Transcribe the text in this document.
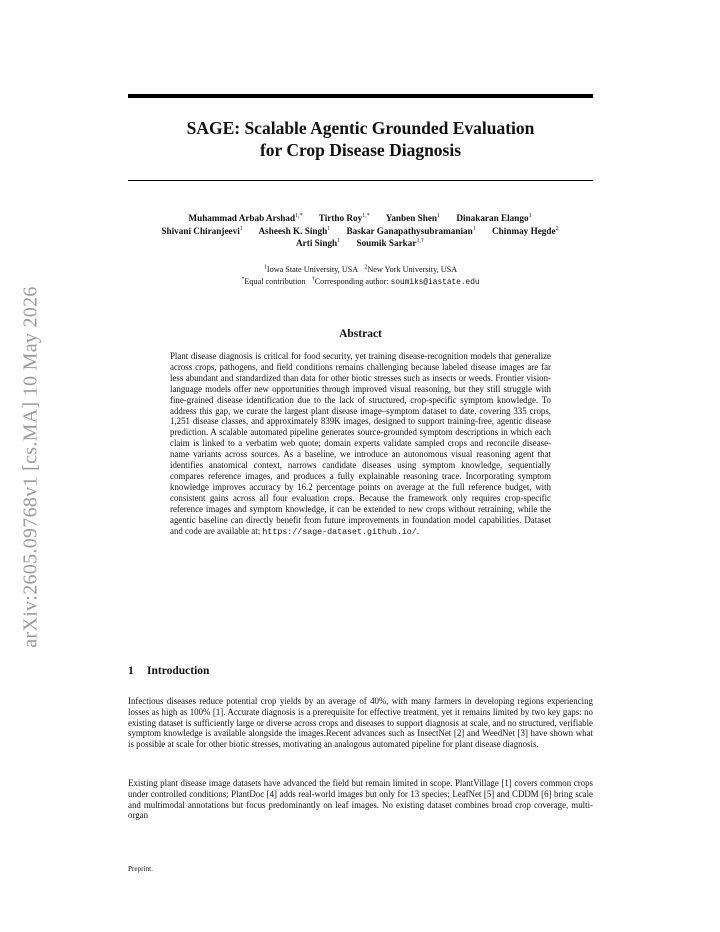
arXiv:2605.09768v1 [cs.MA] 10 May 2026
SAGE: Scalable Agentic Grounded Evaluation
for Crop Disease Diagnosis
Muhammad Arbab Arshad$^{1,*}$ Tirtho Roy$^{1,*}$ Yanben Shen$^1$ Dinakaran Elango$^1$
Shivani Chiranjeevi$^1$ Asheesh K. Singh$^1$ Baskar Ganapathysubramanian$^1$ Chinmay Hegde$^2$
Arti Singh$^1$ Soumik Sarkar$^{1,\dagger}$
$^1$Iowa State University, USA $^2$New York University, USA
*Equal contribution †Corresponding author: soumiks@iastate.edu
Abstract
Plant disease diagnosis is critical for food security, yet training disease-recognition models that generalize across crops, pathogens, and field conditions remains challenging because labeled disease images are far less abundant and standardized than data for other biotic stresses such as insects or weeds. Frontier vision-language models offer new opportunities through improved visual reasoning, but they still struggle with fine-grained disease identification due to the lack of structured, crop-specific symptom knowledge. To address this gap, we curate the largest plant disease image–symptom dataset to date, covering 335 crops, 1,251 disease classes, and approximately 839K images, designed to support training-free, agentic disease prediction. A scalable automated pipeline generates source-grounded symptom descriptions in which each claim is linked to a verbatim web quote; domain experts validate sampled crops and reconcile disease-name variants across sources. As a baseline, we introduce an autonomous visual reasoning agent that identifies anatomical context, narrows candidate diseases using symptom knowledge, sequentially compares reference images, and produces a fully explainable reasoning trace. Incorporating symptom knowledge improves accuracy by 16.2 percentage points on average at the full reference budget, with consistent gains across all four evaluation crops. Because the framework only requires crop-specific reference images and symptom knowledge, it can be extended to new crops without retraining, while the agentic baseline can directly benefit from future improvements in foundation model capabilities. Dataset and code are available at: https://sage-dataset.github.io/.
1 Introduction
Infectious diseases reduce potential crop yields by an average of 40%, with many farmers in developing regions experiencing losses as high as 100% [1]. Accurate diagnosis is a prerequisite for effective treatment, yet it remains limited by two key gaps: no existing dataset is sufficiently large or diverse across crops and diseases to support diagnosis at scale, and no structured, verifiable symptom knowledge is available alongside the images.Recent advances such as InsectNet [2] and WeedNet [3] have shown what is possible at scale for other biotic stresses, motivating an analogous automated pipeline for plant disease diagnosis.
Existing plant disease image datasets have advanced the field but remain limited in scope. PlantVillage [1] covers common crops under controlled conditions; PlantDoc [4] adds real-world images but only for 13 species; LeafNet [5] and CDDM [6] bring scale and multimodal annotations but focus predominantly on leaf images. No existing dataset combines broad crop coverage, multi-organ
Preprint.
